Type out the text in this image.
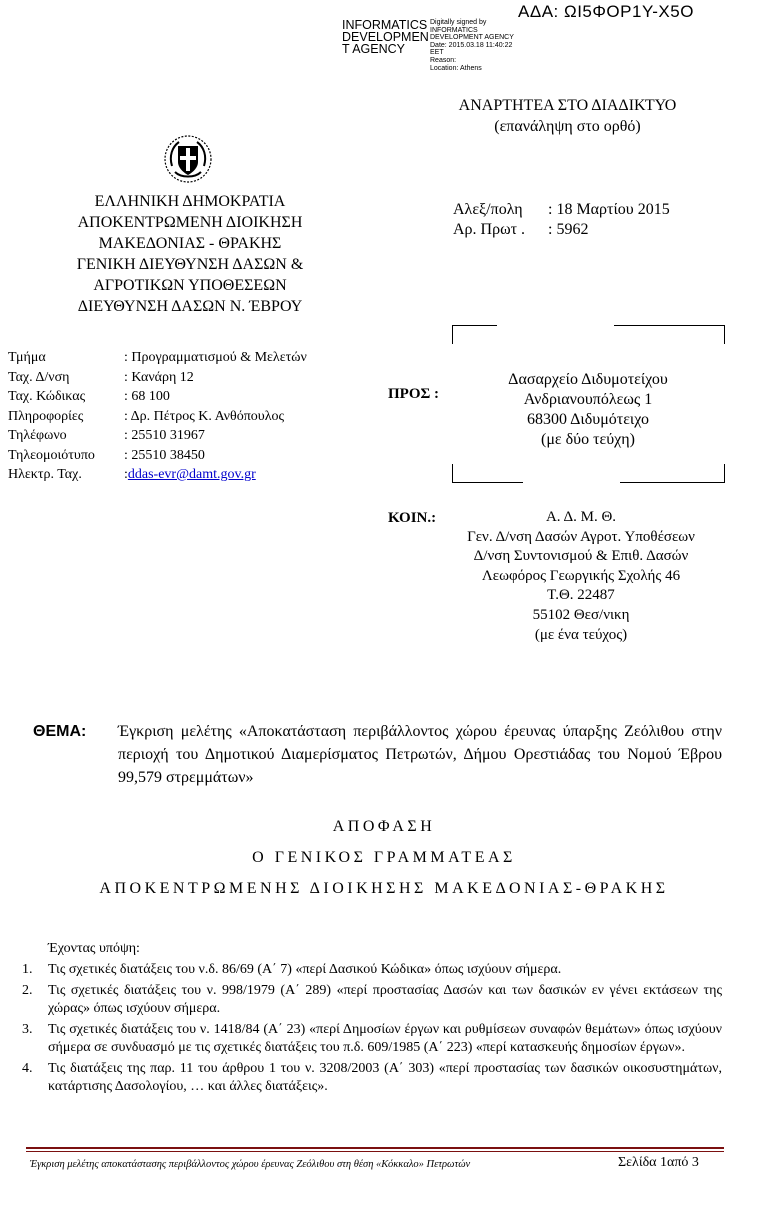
ΑΔΑ: ΩΙ5ΦΟΡ1Υ-Χ5Ο
INFORMATICS
DEVELOPMEN
T AGENCY
Digitally signed by
INFORMATICS
DEVELOPMENT AGENCY
Date: 2015.03.18 11:40:22
EET
Reason:
Location: Athens
ΑΝΑΡΤΗΤΕΑ ΣΤΟ ΔΙΑΔΙΚΤΥΟ
(επανάληψη στο ορθό)
ΕΛΛΗΝΙΚΗ ΔΗΜΟΚΡΑΤΙΑ
ΑΠΟΚΕΝΤΡΩΜΕΝΗ ΔΙΟΙΚΗΣΗ
ΜΑΚΕΔΟΝΙΑΣ - ΘΡΑΚΗΣ
ΓΕΝΙΚΗ ΔΙΕΥΘΥΝΣΗ ΔΑΣΩΝ &
ΑΓΡΟΤΙΚΩΝ ΥΠΟΘΕΣΕΩΝ
ΔΙΕΥΘΥΝΣΗ ΔΑΣΩΝ Ν. ΈΒΡΟΥ
Αλεξ/πολη	: 18 Μαρτίου 2015
Αρ. Πρωτ .	: 5962
Τμήμα	: Προγραμματισμού & Μελετών
Ταχ. Δ/νση	: Κανάρη 12
Ταχ. Κώδικας	: 68 100
Πληροφορίες	: Δρ. Πέτρος Κ. Ανθόπουλος
Τηλέφωνο	: 25510 31967
Τηλεομοιότυπο	: 25510 38450
Ηλεκτρ. Ταχ.	: ddas-evr@damt.gov.gr
ΠΡΟΣ :
Δασαρχείο Διδυμοτείχου
Ανδριανουπόλεως 1
68300 Διδυμότειχο
(με δύο τεύχη)
ΚΟΙΝ.:	Α. Δ. Μ. Θ.
Γεν. Δ/νση Δασών Αγροτ. Υποθέσεων
Δ/νση Συντονισμού & Επιθ. Δασών
Λεωφόρος Γεωργικής Σχολής 46
Τ.Θ. 22487
55102 Θεσ/νικη
(με ένα τεύχος)
ΘΕΜΑ: Έγκριση μελέτης «Αποκατάσταση περιβάλλοντος χώρου έρευνας ύπαρξης Ζεόλιθου στην περιοχή του Δημοτικού Διαμερίσματος Πετρωτών, Δήμου Ορεστιάδας του Νομού Έβρου 99,579 στρεμμάτων»
ΑΠΟΦΑΣΗ
Ο ΓΕΝΙΚΟΣ ΓΡΑΜΜΑΤΕΑΣ
ΑΠΟΚΕΝΤΡΩΜΕΝΗΣ ΔΙΟΙΚΗΣΗΣ ΜΑΚΕΔΟΝΙΑΣ-ΘΡΑΚΗΣ
Έχοντας υπόψη:
1.	Τις σχετικές διατάξεις του ν.δ. 86/69 (Α΄ 7) «περί Δασικού Κώδικα» όπως ισχύουν σήμερα.
2.	Τις σχετικές διατάξεις του ν. 998/1979 (Α΄ 289) «περί προστασίας Δασών και των δασικών εν γένει εκτάσεων της χώρας» όπως ισχύουν σήμερα.
3.	Τις σχετικές διατάξεις του ν. 1418/84 (Α΄ 23) «περί Δημοσίων έργων και ρυθμίσεων συναφών θεμάτων» όπως ισχύουν σήμερα σε συνδυασμό με τις σχετικές διατάξεις του π.δ. 609/1985 (Α΄ 223) «περί κατασκευής δημοσίων έργων».
4.	Τις διατάξεις της παρ. 11 του άρθρου 1 του ν. 3208/2003 (Α΄ 303) «περί προστασίας των δασικών οικοσυστημάτων, κατάρτισης Δασολογίου, … και άλλες διατάξεις».
Έγκριση μελέτης αποκατάστασης περιβάλλοντος χώρου έρευνας Ζεόλιθου στη θέση «Κόκκαλο» Πετρωτών	Σελίδα 1από 3
